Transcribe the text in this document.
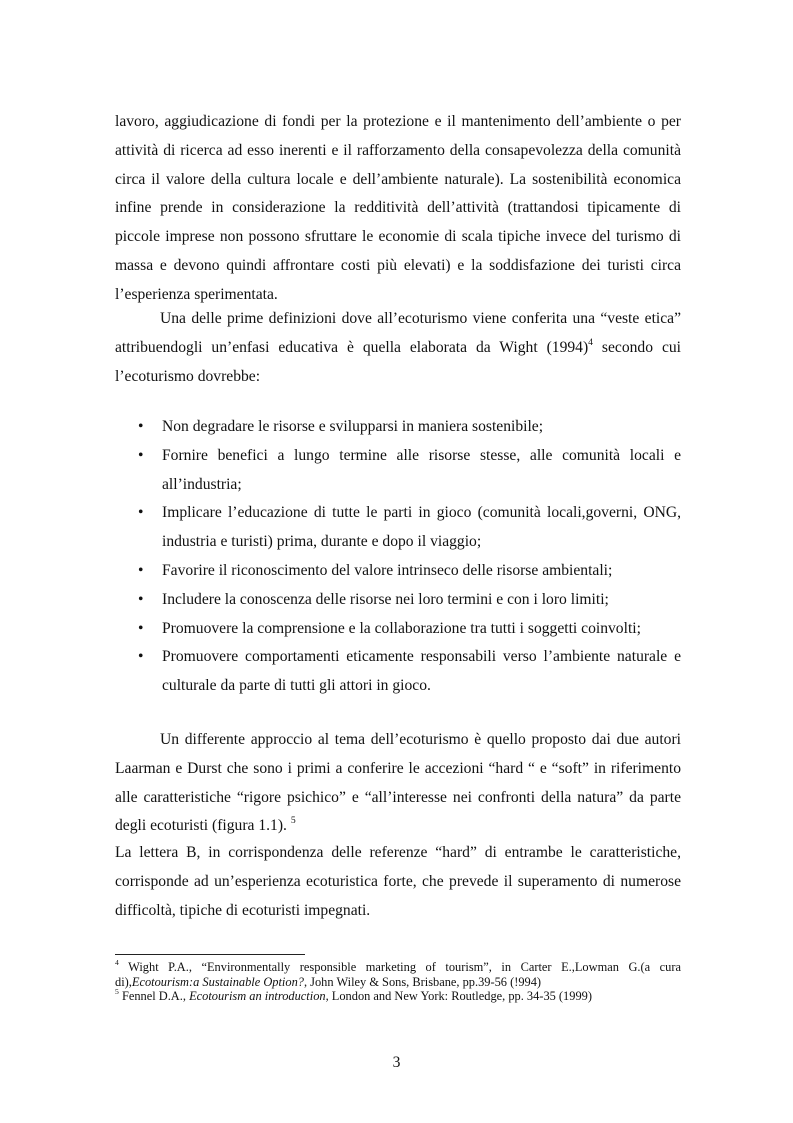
lavoro, aggiudicazione di fondi per la protezione e il mantenimento dell’ambiente o per attività di ricerca ad esso inerenti e il rafforzamento della consapevolezza della comunità circa il valore della cultura locale e dell’ambiente naturale). La sostenibilità economica infine prende in considerazione la redditività dell’attività (trattandosi tipicamente di piccole imprese non possono sfruttare le economie di scala tipiche invece del turismo di massa e devono quindi affrontare costi più elevati) e la soddisfazione dei turisti circa l’esperienza sperimentata.
Una delle prime definizioni dove all’ecoturismo viene conferita una “veste etica” attribuendogli un’enfasi educativa è quella elaborata da Wight $(1994)^4$ secondo cui l’ecoturismo dovrebbe:
• Non degradare le risorse e svilupparsi in maniera sostenibile;
• Fornire benefici a lungo termine alle risorse stesse, alle comunità locali e all’industria;
• Implicare l’educazione di tutte le parti in gioco (comunità locali,governi, ONG, industria e turisti) prima, durante e dopo il viaggio;
• Favorire il riconoscimento del valore intrinseco delle risorse ambientali;
• Includere la conoscenza delle risorse nei loro termini e con i loro limiti;
• Promuovere la comprensione e la collaborazione tra tutti i soggetti coinvolti;
• Promuovere comportamenti eticamente responsabili verso l’ambiente naturale e culturale da parte di tutti gli attori in gioco.
Un differente approccio al tema dell’ecoturismo è quello proposto dai due autori Laarman e Durst che sono i primi a conferire le accezioni “hard “ e “soft” in riferimento alle caratteristiche “rigore psichico” e “all’interesse nei confronti della natura” da parte degli ecoturisti (figura 1.1). $^5$
La lettera B, in corrispondenza delle referenze “hard” di entrambe le caratteristiche, corrisponde ad un’esperienza ecoturistica forte, che prevede il superamento di numerose difficoltà, tipiche di ecoturisti impegnati.

$^4$ Wight P.A., “Environmentally responsible marketing of tourism”, in Carter E.,Lowman G.(a cura di),Ecotourism:a Sustainable Option?, John Wiley & Sons, Brisbane, pp.39-56 (!994)

$^5$ Fennel D.A., Ecotourism an introduction, London and New York: Routledge, pp. 34-35 (1999)

3
